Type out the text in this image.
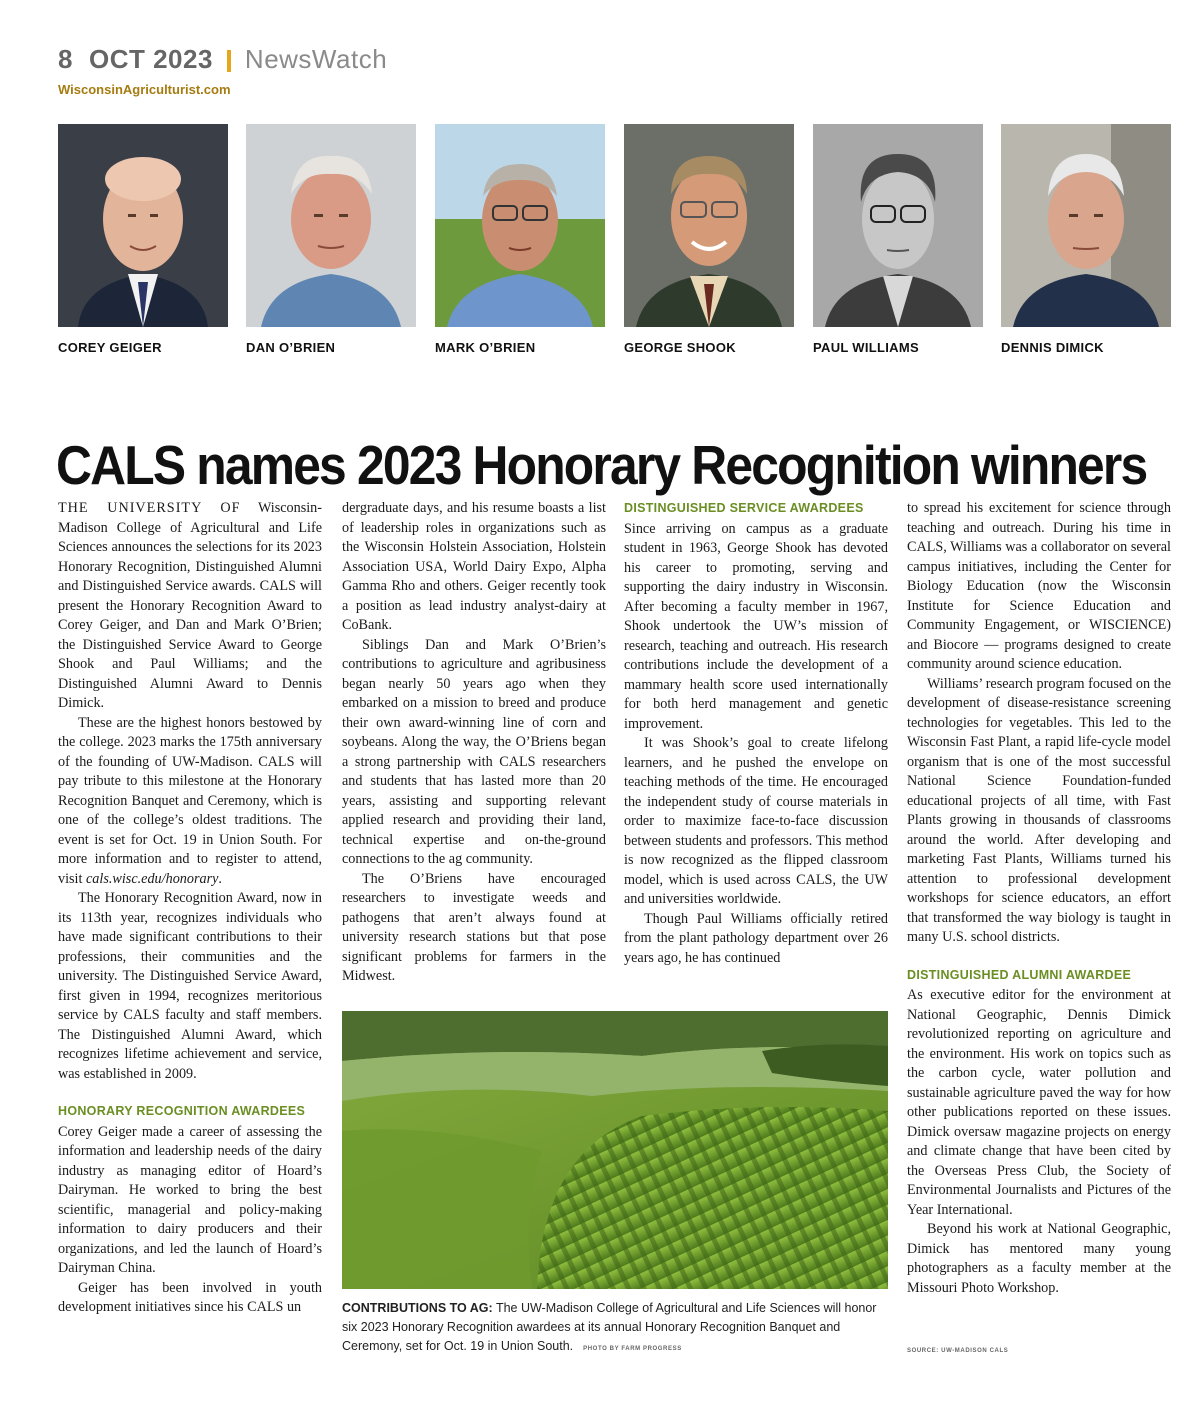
8 OCT 2023 NewsWatch
WisconsinAgriculturist.com
COREY GEIGER	DAN O’BRIEN	MARK O’BRIEN	GEORGE SHOOK	PAUL WILLIAMS	DENNIS DIMICK
CALS names 2023 Honorary Recognition winners

THE UNIVERSITY OF Wisconsin-Madison College of Agricultural and Life Sciences announces the selections for its 2023 Honorary Recognition, Distinguished Alumni and Distinguished Service awards. CALS will present the Honorary Recognition Award to Corey Geiger, and Dan and Mark O’Brien; the Distinguished Service Award to George Shook and Paul Williams; and the Distinguished Alumni Award to Dennis Dimick.

These are the highest honors bestowed by the college. 2023 marks the 175th anniversary of the founding of UW-Madison. CALS will pay tribute to this milestone at the Honorary Recognition Banquet and Ceremony, which is one of the college’s oldest traditions. The event is set for Oct. 19 in Union South. For more information and to register to attend, visit cals.wisc.edu/honorary.

The Honorary Recognition Award, now in its 113th year, recognizes individuals who have made significant contributions to their professions, their communities and the university. The Distinguished Service Award, first given in 1994, recognizes meritorious service by CALS faculty and staff members. The Distinguished Alumni Award, which recognizes lifetime achievement and service, was established in 2009.

HONORARY RECOGNITION AWARDEES

Corey Geiger made a career of assessing the information and leadership needs of the dairy industry as managing editor of Hoard’s Dairyman. He worked to bring the best scientific, managerial and policy-making information to dairy producers and their organizations, and led the launch of Hoard’s Dairyman China.

Geiger has been involved in youth development initiatives since his CALS un

dergraduate days, and his resume boasts a list of leadership roles in organizations such as the Wisconsin Holstein Association, Holstein Association USA, World Dairy Expo, Alpha Gamma Rho and others. Geiger recently took a position as lead industry analyst-dairy at CoBank.

Siblings Dan and Mark O’Brien’s contributions to agriculture and agribusiness began nearly 50 years ago when they embarked on a mission to breed and produce their own award-winning line of corn and soybeans. Along the way, the O’Briens began a strong partnership with CALS researchers and students that has lasted more than 20 years, assisting and supporting relevant applied research and providing their land, technical expertise and on-the-ground connections to the ag community.

The O’Briens have encouraged researchers to investigate weeds and pathogens that aren’t always found at university research stations but that pose significant problems for farmers in the Midwest.

DISTINGUISHED SERVICE AWARDEES

Since arriving on campus as a graduate student in 1963, George Shook has devoted his career to promoting, serving and supporting the dairy industry in Wisconsin. After becoming a faculty member in 1967, Shook undertook the UW’s mission of research, teaching and outreach. His research contributions include the development of a mammary health score used internationally for both herd management and genetic improvement.

It was Shook’s goal to create lifelong learners, and he pushed the envelope on teaching methods of the time. He encouraged the independent study of course materials in order to maximize face-to-face discussion between students and professors. This method is now recognized as the flipped classroom model, which is used across CALS, the UW and universities worldwide.

Though Paul Williams officially retired from the plant pathology department over 26 years ago, he has continued

to spread his excitement for science through teaching and outreach. During his time in CALS, Williams was a collaborator on several campus initiatives, including the Center for Biology Education (now the Wisconsin Institute for Science Education and Community Engagement, or WISCIENCE) and Biocore — programs designed to create community around science education.

Williams’ research program focused on the development of disease-resistance screening technologies for vegetables. This led to the Wisconsin Fast Plant, a rapid life-cycle model organism that is one of the most successful National Science Foundation-funded educational projects of all time, with Fast Plants growing in thousands of classrooms around the world. After developing and marketing Fast Plants, Williams turned his attention to professional development workshops for science educators, an effort that transformed the way biology is taught in many U.S. school districts.

DISTINGUISHED ALUMNI AWARDEE

As executive editor for the environment at National Geographic, Dennis Dimick revolutionized reporting on agriculture and the environment. His work on topics such as the carbon cycle, water pollution and sustainable agriculture paved the way for how other publications reported on these issues. Dimick oversaw magazine projects on energy and climate change that have been cited by the Overseas Press Club, the Society of Environmental Journalists and Pictures of the Year International.

Beyond his work at National Geographic, Dimick has mentored many young photographers as a faculty member at the Missouri Photo Workshop.

CONTRIBUTIONS TO AG: The UW-Madison College of Agricultural and Life Sciences will honor six 2023 Honorary Recognition awardees at its annual Honorary Recognition Banquet and Ceremony, set for Oct. 19 in Union South. PHOTO BY FARM PROGRESS	SOURCE: UW-MADISON CALS
